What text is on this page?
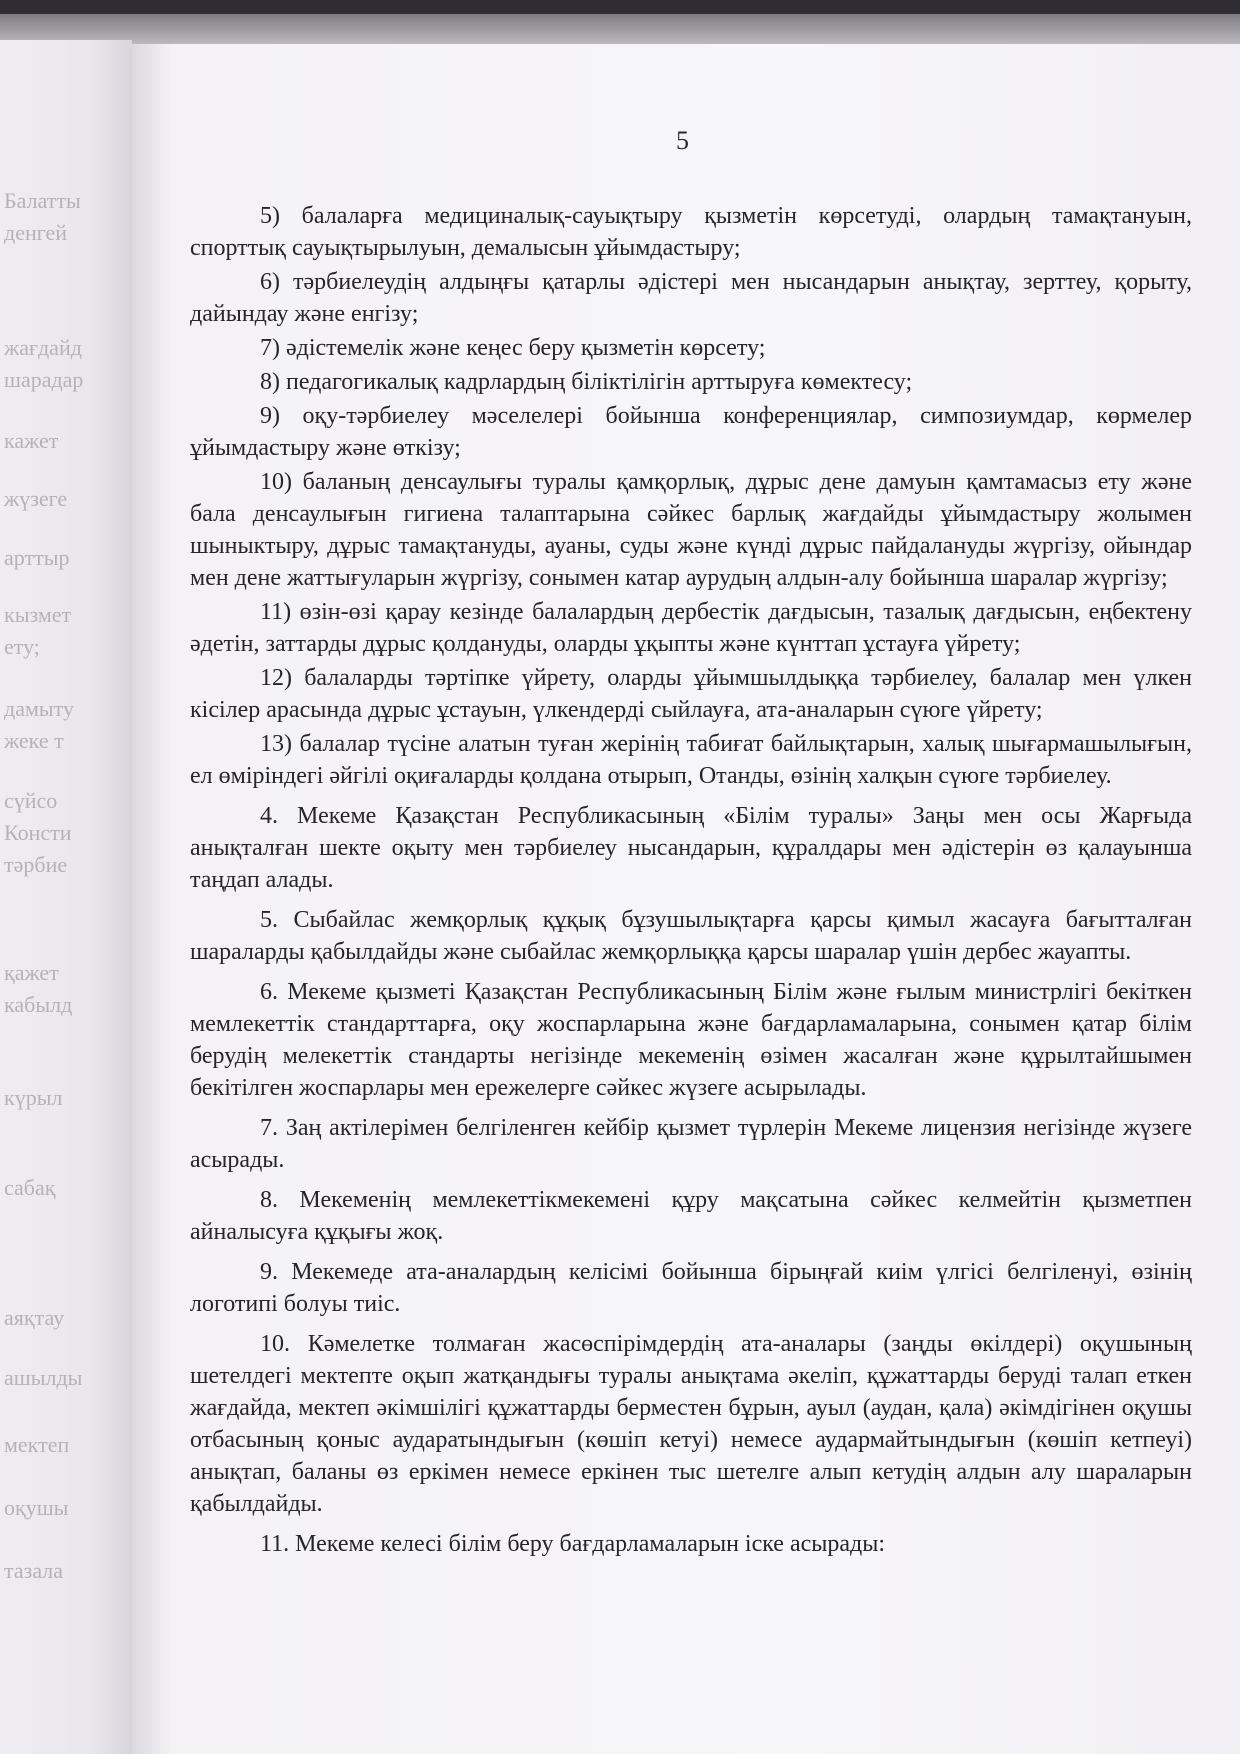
Балатты
денгей
жағдайд
шарадар
кажет
жүзеге
арттыр
кызмет
ету;
дамыту
жеке т
сүйсо
Консти
тәрбие
қажет
кабылд
күрыл
сабақ
аяқтау
ашылды
мектеп
оқушы
тазала
5

5) балаларға медициналық-сауықтыру қызметін көрсетуді, олардың тамақтануын, спорттық сауықтырылуын, демалысын ұйымдастыру;

6) тәрбиелеудің алдыңғы қатарлы әдістері мен нысандарын анықтау, зерттеу, қорыту, дайындау және енгізу;

7) әдістемелік және кеңес беру қызметін көрсету;

8) педагогикалық кадрлардың біліктілігін арттыруға көмектесу;

9) оқу-тәрбиелеу мәселелері бойынша конференциялар, симпозиумдар, көрмелер ұйымдастыру және өткізу;

10) баланың денсаулығы туралы қамқорлық, дұрыс дене дамуын қамтамасыз ету және бала денсаулығын гигиена талаптарына сәйкес барлық жағдайды ұйымдастыру жолымен шыныктыру, дұрыс тамақтануды, ауаны, суды және күнді дұрыс пайдалануды жүргізу, ойындар мен дене жаттығуларын жүргізу, сонымен катар аурудың алдын-алу бойынша шаралар жүргізу;

11) өзін-өзі қарау кезінде балалардың дербестік дағдысын, тазалық дағдысын, еңбектену әдетін, заттарды дұрыс қолдануды, оларды ұқыпты және күнттап ұстауға үйрету;

12) балаларды тәртіпке үйрету, оларды ұйымшылдыққа тәрбиелеу, балалар мен үлкен кісілер арасында дұрыс ұстауын, үлкендерді сыйлауға, ата-аналарын сүюге үйрету;

13) балалар түсіне алатын туған жерінің табиғат байлықтарын, халық шығармашылығын, ел өміріндегі әйгілі оқиғаларды қолдана отырып, Отанды, өзінің халқын сүюге тәрбиелеу.

4. Мекеме Қазақстан Республикасының «Білім туралы» Заңы мен осы Жарғыда анықталған шекте оқыту мен тәрбиелеу нысандарын, құралдары мен әдістерін өз қалауынша таңдап алады.

5. Сыбайлас жемқорлық құқық бұзушылықтарға қарсы қимыл жасауға бағытталған шараларды қабылдайды және сыбайлас жемқорлыққа қарсы шаралар үшін дербес жауапты.

6. Мекеме қызметі Қазақстан Республикасының Білім және ғылым министрлігі бекіткен мемлекеттік стандарттарға, оқу жоспарларына және бағдарламаларына, сонымен қатар білім берудің мелекеттік стандарты негізінде мекеменің өзімен жасалған және құрылтайшымен бекітілген жоспарлары мен ережелерге сәйкес жүзеге асырылады.

7. Заң актілерімен белгіленген кейбір қызмет түрлерін Мекеме лицензия негізінде жүзеге асырады.

8. Мекеменің мемлекеттікмекемені құру мақсатына сәйкес келмейтін қызметпен айналысуға құқығы жоқ.

9. Мекемеде ата-аналардың келісімі бойынша бірыңғай киім үлгісі белгіленуі, өзінің логотипі болуы тиіс.

10. Кәмелетке толмаған жасөспірімдердің ата-аналары (заңды өкілдері) оқушының шетелдегі мектепте оқып жатқандығы туралы анықтама әкеліп, құжаттарды беруді талап еткен жағдайда, мектеп әкімшілігі құжаттарды берместен бұрын, ауыл (аудан, қала) әкімдігінен оқушы отбасының қоныс аударатындығын (көшіп кетуі) немесе аудармайтындығын (көшіп кетпеуі) анықтап, баланы өз еркімен немесе еркінен тыс шетелге алып кетудің алдын алу шараларын қабылдайды.

11. Мекеме келесі білім беру бағдарламаларын іске асырады:
